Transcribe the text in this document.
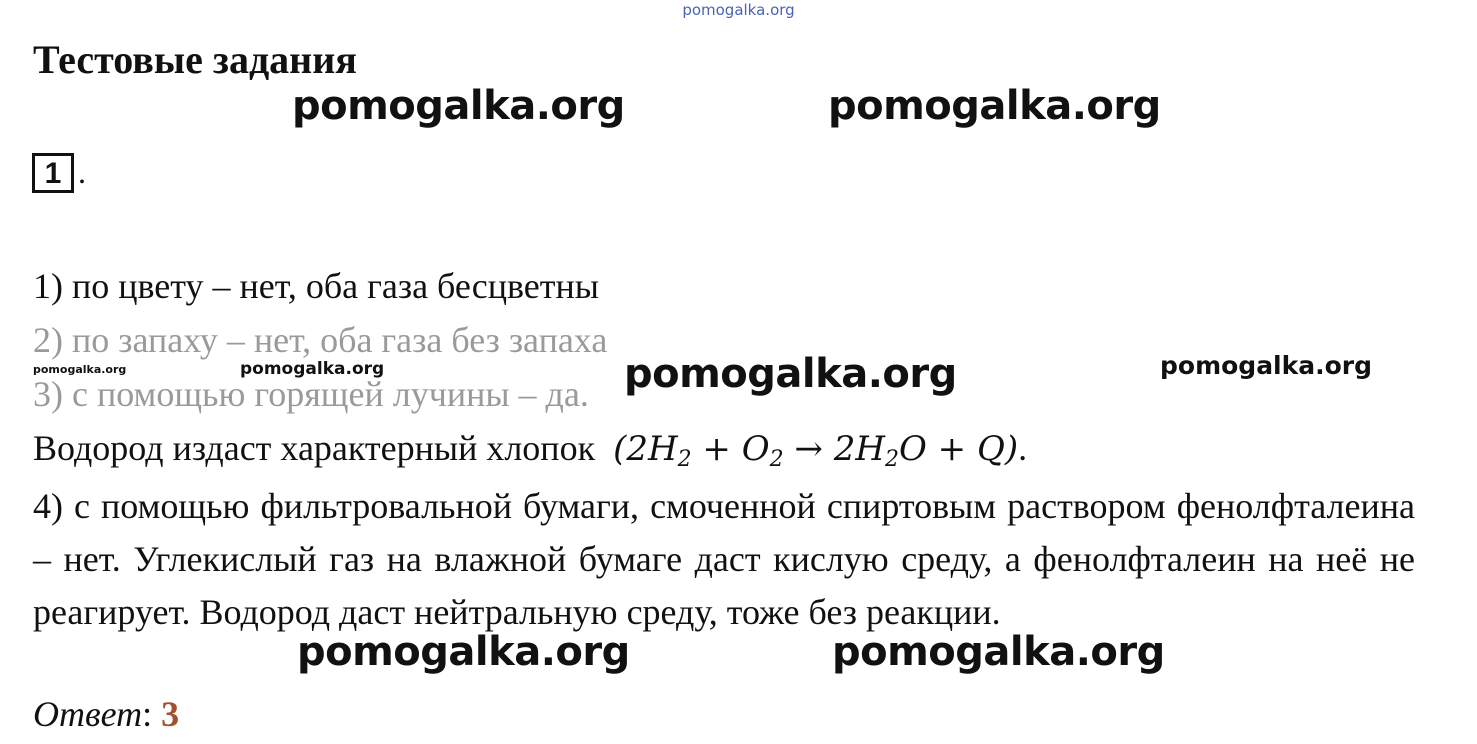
pomogalka.org
Тестовые задания
pomogalka.org	pomogalka.org
1 .
1) по цвету – нет, оба газа бесцветны
2) по запаху – нет, оба газа без запаха
3) с помощью горящей лучины – да.
pomogalka.org	pomogalka.org	pomogalka.org	pomogalka.org
Водород издаст характерный хлопок $(2H_2 + O_2 \to 2H_2O + Q)$.
4) с помощью фильтровальной бумаги, смоченной спиртовым раствором фенолфталеина – нет. Углекислый газ на влажной бумаге даст кислую среду, а фенолфталеин на неё не реагирует. Водород даст нейтральную среду, тоже без реакции.
pomogalka.org	pomogalka.org
Ответ: 3
